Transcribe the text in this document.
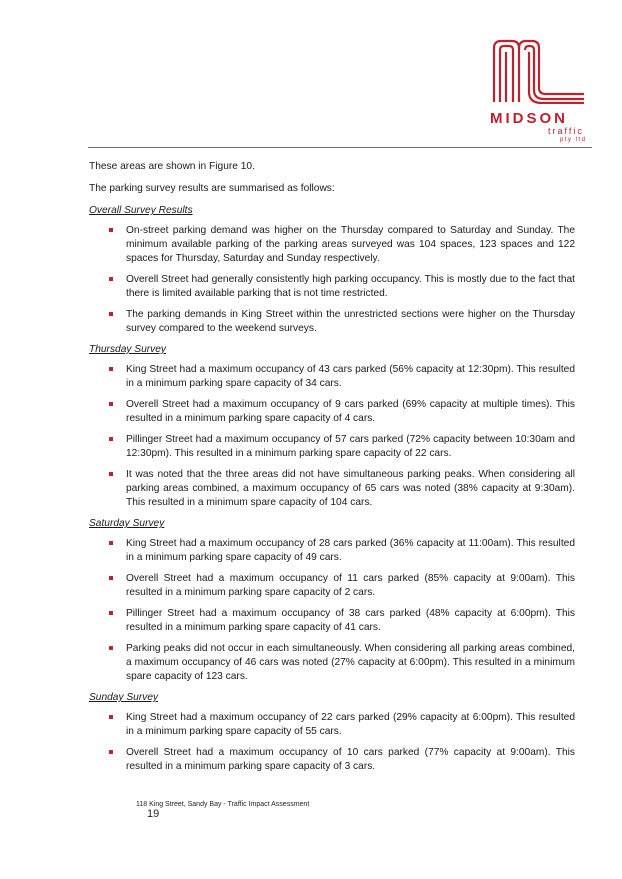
MIDSON
traffic
pty ltd

These areas are shown in Figure 10.

The parking survey results are summarised as follows:

Overall Survey Results
On-street parking demand was higher on the Thursday compared to Saturday and Sunday. The minimum available parking of the parking areas surveyed was 104 spaces, 123 spaces and 122 spaces for Thursday, Saturday and Sunday respectively.
Overell Street had generally consistently high parking occupancy. This is mostly due to the fact that there is limited available parking that is not time restricted.
The parking demands in King Street within the unrestricted sections were higher on the Thursday survey compared to the weekend surveys.
Thursday Survey
King Street had a maximum occupancy of 43 cars parked (56% capacity at 12:30pm). This resulted in a minimum parking spare capacity of 34 cars.
Overell Street had a maximum occupancy of 9 cars parked (69% capacity at multiple times). This resulted in a minimum parking spare capacity of 4 cars.
Pillinger Street had a maximum occupancy of 57 cars parked (72% capacity between 10:30am and 12:30pm). This resulted in a minimum parking spare capacity of 22 cars.
It was noted that the three areas did not have simultaneous parking peaks. When considering all parking areas combined, a maximum occupancy of 65 cars was noted (38% capacity at 9:30am). This resulted in a minimum spare capacity of 104 cars.
Saturday Survey
King Street had a maximum occupancy of 28 cars parked (36% capacity at 11:00am). This resulted in a minimum parking spare capacity of 49 cars.
Overell Street had a maximum occupancy of 11 cars parked (85% capacity at 9:00am). This resulted in a minimum parking spare capacity of 2 cars.
Pillinger Street had a maximum occupancy of 38 cars parked (48% capacity at 6:00pm). This resulted in a minimum parking spare capacity of 41 cars.
Parking peaks did not occur in each simultaneously. When considering all parking areas combined, a maximum occupancy of 46 cars was noted (27% capacity at 6:00pm). This resulted in a minimum spare capacity of 123 cars.
Sunday Survey
King Street had a maximum occupancy of 22 cars parked (29% capacity at 6:00pm). This resulted in a minimum parking spare capacity of 55 cars.
Overell Street had a maximum occupancy of 10 cars parked (77% capacity at 9:00am). This resulted in a minimum parking spare capacity of 3 cars.
19
118 King Street, Sandy Bay - Traffic Impact Assessment
